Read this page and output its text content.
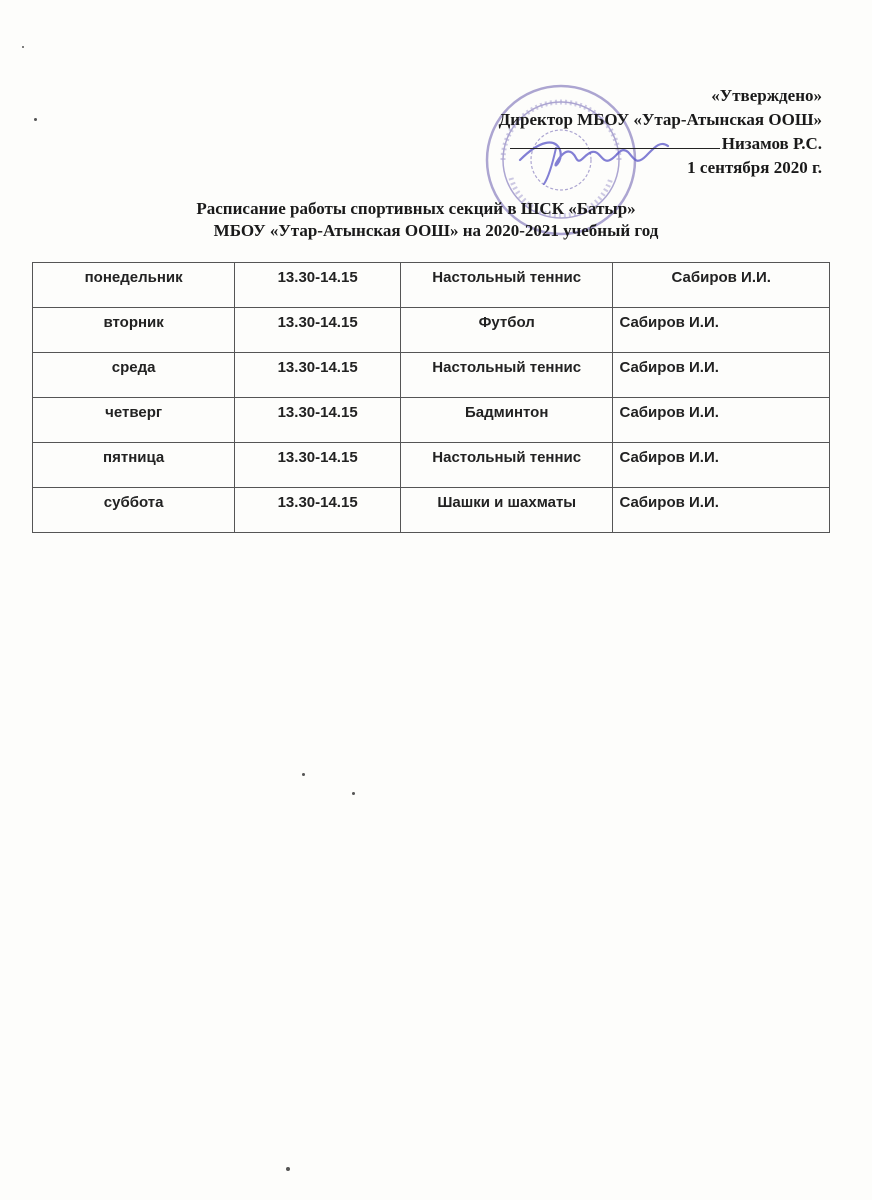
«Утверждено»
Директор МБОУ «Утар-Атынская ООШ»
Низамов Р.С.
1 сентября 2020 г.
Расписание работы спортивных секций в ШСК «Батыр»
МБОУ «Утар-Атынская ООШ» на 2020-2021 учебный год
понедельник	13.30-14.15	Настольный теннис	Сабиров И.И.
вторник	13.30-14.15	Футбол	Сабиров И.И.
среда	13.30-14.15	Настольный теннис	Сабиров И.И.
четверг	13.30-14.15	Бадминтон	Сабиров И.И.
пятница	13.30-14.15	Настольный теннис	Сабиров И.И.
суббота	13.30-14.15	Шашки и шахматы	Сабиров И.И.
